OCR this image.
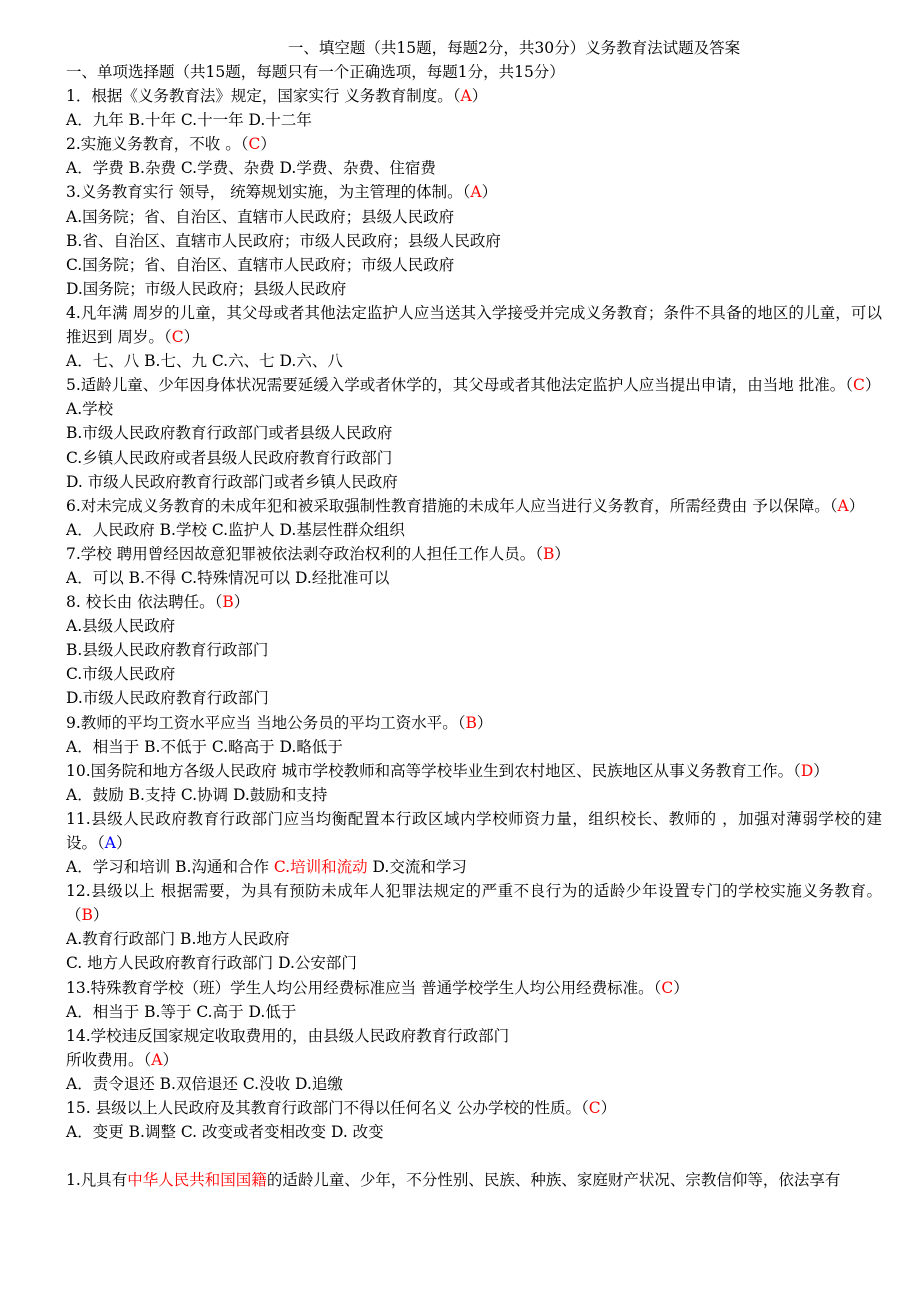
一、填空题（共15题，每题2分，共30分）义务教育法试题及答案
一、单项选择题（共15题，每题只有一个正确选项，每题1分，共15分）
1．根据《义务教育法》规定，国家实行 义务教育制度。（A）
A．九年 B.十年 C.十一年 D.十二年
2.实施义务教育，不收 。（C）
A．学费 B.杂费 C.学费、杂费 D.学费、杂费、住宿费
3.义务教育实行 领导， 统筹规划实施，为主管理的体制。（A）
A.国务院；省、自治区、直辖市人民政府；县级人民政府
B.省、自治区、直辖市人民政府；市级人民政府；县级人民政府
C.国务院；省、自治区、直辖市人民政府；市级人民政府
D.国务院；市级人民政府；县级人民政府
4.凡年满 周岁的儿童，其父母或者其他法定监护人应当送其入学接受并完成义务教育；条件不具备的地区的儿童，可以推迟到 周岁。（C）
A．七、八 B.七、九 C.六、七 D.六、八
5.适龄儿童、少年因身体状况需要延缓入学或者休学的，其父母或者其他法定监护人应当提出申请，由当地 批准。（C）
A.学校
B.市级人民政府教育行政部门或者县级人民政府
C.乡镇人民政府或者县级人民政府教育行政部门
D. 市级人民政府教育行政部门或者乡镇人民政府
6.对未完成义务教育的未成年犯和被采取强制性教育措施的未成年人应当进行义务教育，所需经费由 予以保障。（A）
A．人民政府 B.学校 C.监护人 D.基层性群众组织
7.学校 聘用曾经因故意犯罪被依法剥夺政治权利的人担任工作人员。（B）
A．可以 B.不得 C.特殊情况可以 D.经批准可以
8. 校长由 依法聘任。（B）
A.县级人民政府
B.县级人民政府教育行政部门
C.市级人民政府
D.市级人民政府教育行政部门
9.教师的平均工资水平应当 当地公务员的平均工资水平。（B）
A．相当于 B.不低于 C.略高于 D.略低于
10.国务院和地方各级人民政府 城市学校教师和高等学校毕业生到农村地区、民族地区从事义务教育工作。（D）
A．鼓励 B.支持 C.协调 D.鼓励和支持
11.县级人民政府教育行政部门应当均衡配置本行政区域内学校师资力量，组织校长、教师的 ，加强对薄弱学校的建设。（A）
A．学习和培训 B.沟通和合作 C.培训和流动 D.交流和学习
12.县级以上 根据需要，为具有预防未成年人犯罪法规定的严重不良行为的适龄少年设置专门的学校实施义务教育。（B）
A.教育行政部门 B.地方人民政府
C. 地方人民政府教育行政部门 D.公安部门
13.特殊教育学校（班）学生人均公用经费标准应当 普通学校学生人均公用经费标准。（C）
A．相当于 B.等于 C.高于 D.低于
14.学校违反国家规定收取费用的，由县级人民政府教育行政部门
所收费用。（A）
A．责令退还 B.双倍退还 C.没收 D.追缴
15. 县级以上人民政府及其教育行政部门不得以任何名义 公办学校的性质。（C）
A．变更 B.调整 C. 改变或者变相改变 D. 改变
1.凡具有中华人民共和国国籍的适龄儿童、少年，不分性别、民族、种族、家庭财产状况、宗教信仰等，依法享有
